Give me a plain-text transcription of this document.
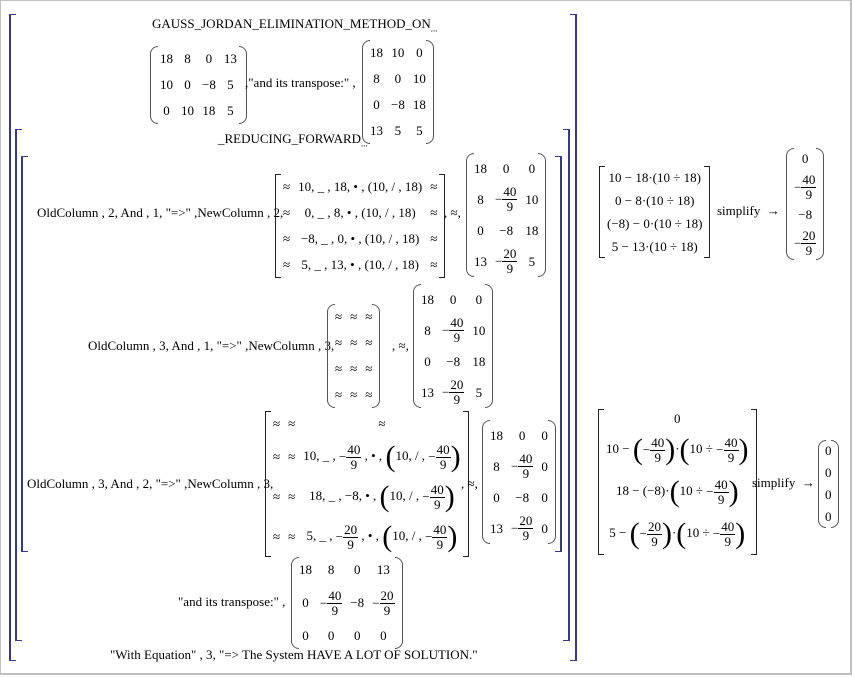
$GAUSS\_JORDAN\_ELIMINATION\_METHOD\_ON_{...}$
18	8	0	13
10	0	−8	5
0	10	18	5
,"and its transpose:" ,
18	10	0
8	0	10
0	−8	18
13	5	5
$\_REDUCING\_FORWARD_{...}$
OldColumn , 2, And , 1, "=>" ,NewColumn , 2,
≈	10, _ , 18, • , (10, / , 18)	≈
≈	0, _ , 8, • , (10, / , 18)	≈
≈	−8, _ , 0, • , (10, / , 18)	≈
≈	5, _ , 13, • , (10, / , 18)	≈
, ≈,
18	0	0
8	− $\frac{40}{9}$	10
0	−8	18
13	− $\frac{20}{9}$	5
10 − 18·(10 ÷ 18)
0 − 8·(10 ÷ 18)
(−8) − 0·(10 ÷ 18)
5 − 13·(10 ÷ 18)
simplify →
0
− $\frac{40}{9}$

−8
− $\frac{20}{9}$
OldColumn , 3, And , 1, "=>" ,NewColumn , 3,
≈	≈	≈
≈	≈	≈
≈	≈	≈
≈	≈	≈
, ≈,
18	0	0
8	− $\frac{40}{9}$	10
0	−8	18
13	− $\frac{20}{9}$	5
OldColumn , 3, And , 2, "=>" ,NewColumn , 3,
≈	≈	≈
≈	≈	10, _ , − $\frac{40}{9}$ , • , (10, / , − $\frac{40}{9}$ )
≈	≈	18, _ , −8, • , (10, / , − $\frac{40}{9}$ )
≈	≈	5, _ , − $\frac{20}{9}$ , • , (10, / , − $\frac{40}{9}$ )
, ≈,
18	0	0
8	− $\frac{40}{9}$	0
0	−8	0
13	− $\frac{20}{9}$	0
0
10 − (− $\frac{40}{9} )\cdot(10$ ÷ − $\frac{40}{9}$ )
18 − (−8)·(10 ÷ − $\frac{40}{9}$ )
5 − (− $\frac{20}{9} )\cdot(10$ ÷ − $\frac{40}{9}$ )
simplify →
0
0
0
0
"and its transpose:" ,
18	8	0	13
0	− $\frac{40}{9}$	−8	− $\frac{20}{9}$

0	0	0	0
"With Equation" , 3, "=> The System HAVE A LOT OF SOLUTION."
